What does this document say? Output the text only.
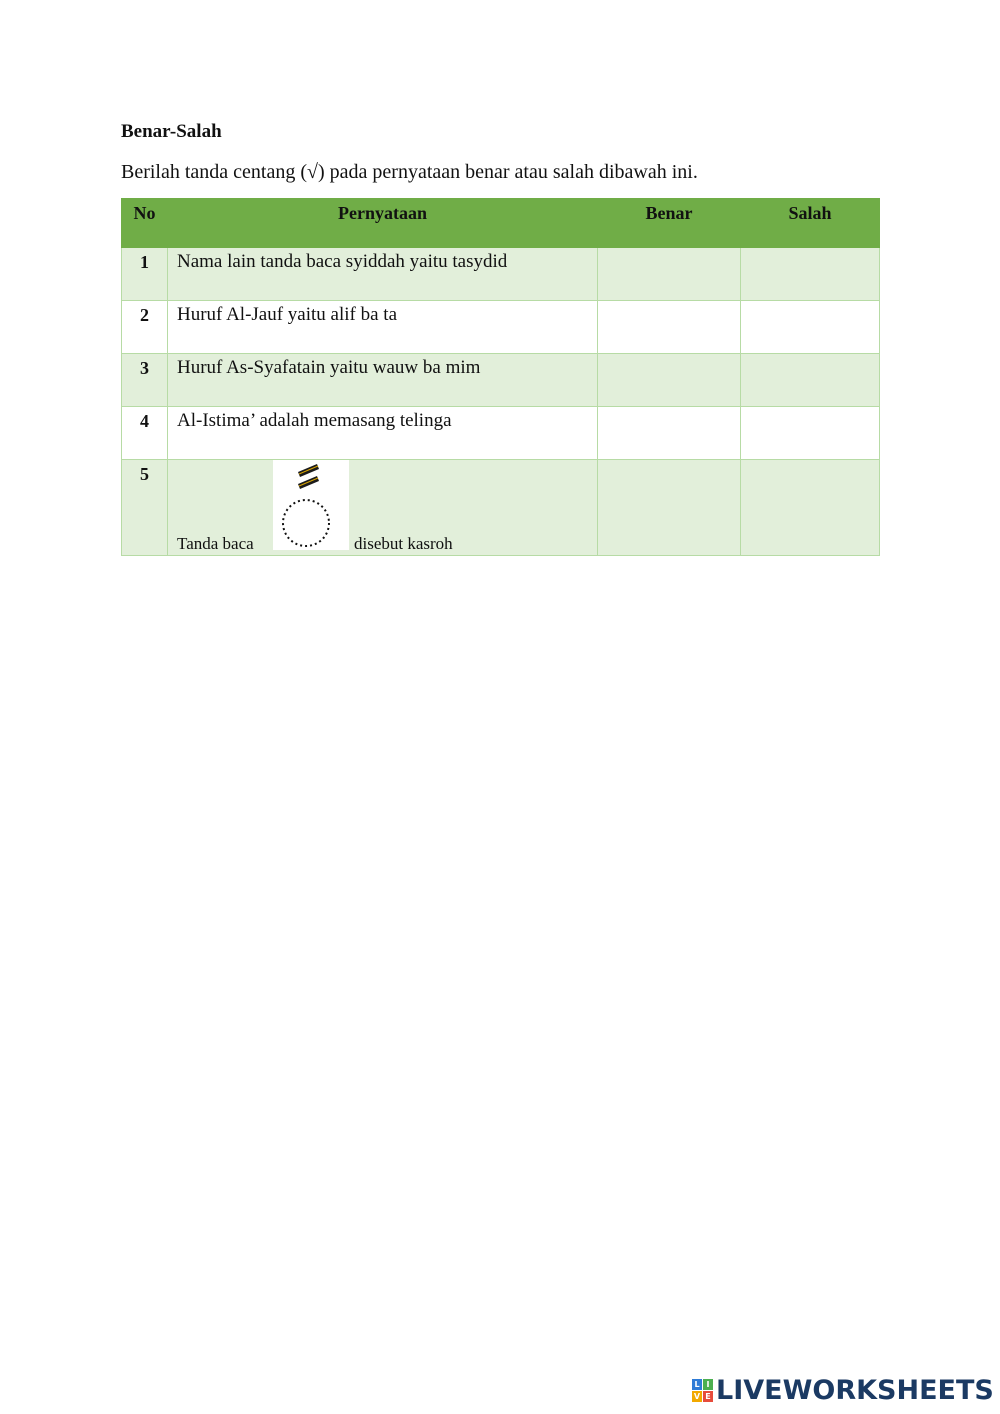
Benar-Salah

Berilah tanda centang (√) pada pernyataan benar atau salah dibawah ini.

No	Pernyataan	Benar	Salah
1	Nama lain tanda baca syiddah yaitu tasydid		
2	Huruf Al-Jauf yaitu alif ba ta		
3	Huruf As-Syafatain yaitu wauw ba mim		
4	Al-Istima’ adalah memasang telinga		
5	Tanda baca disebut kasroh		

L I
V E LIVEWORKSHEETS
